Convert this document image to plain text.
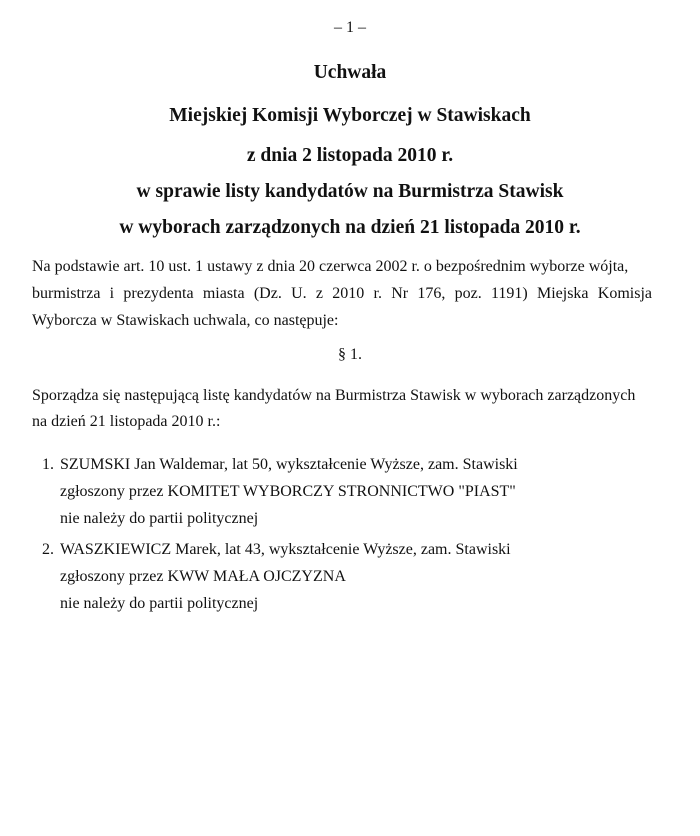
– 1 –
Uchwała
Miejskiej Komisji Wyborczej w Stawiskach
z dnia 2 listopada 2010 r.
w sprawie listy kandydatów na Burmistrza Stawisk
w wyborach zarządzonych na dzień 21 listopada 2010 r.
Na podstawie art. 10 ust. 1 ustawy z dnia 20 czerwca 2002 r. o bezpośrednim wyborze wójta,
burmistrza i prezydenta miasta (Dz. U. z 2010 r. Nr 176, poz. 1191) Miejska Komisja
Wyborcza w Stawiskach uchwala, co następuje:
§ 1.
Sporządza się następującą listę kandydatów na Burmistrza Stawisk w wyborach zarządzonych
na dzień 21 listopada 2010 r.:
1. SZUMSKI Jan Waldemar, lat 50, wykształcenie Wyższe, zam. Stawiski
zgłoszony przez KOMITET WYBORCZY STRONNICTWO "PIAST"
nie należy do partii politycznej
2. WASZKIEWICZ Marek, lat 43, wykształcenie Wyższe, zam. Stawiski
zgłoszony przez KWW MAŁA OJCZYZNA
nie należy do partii politycznej
